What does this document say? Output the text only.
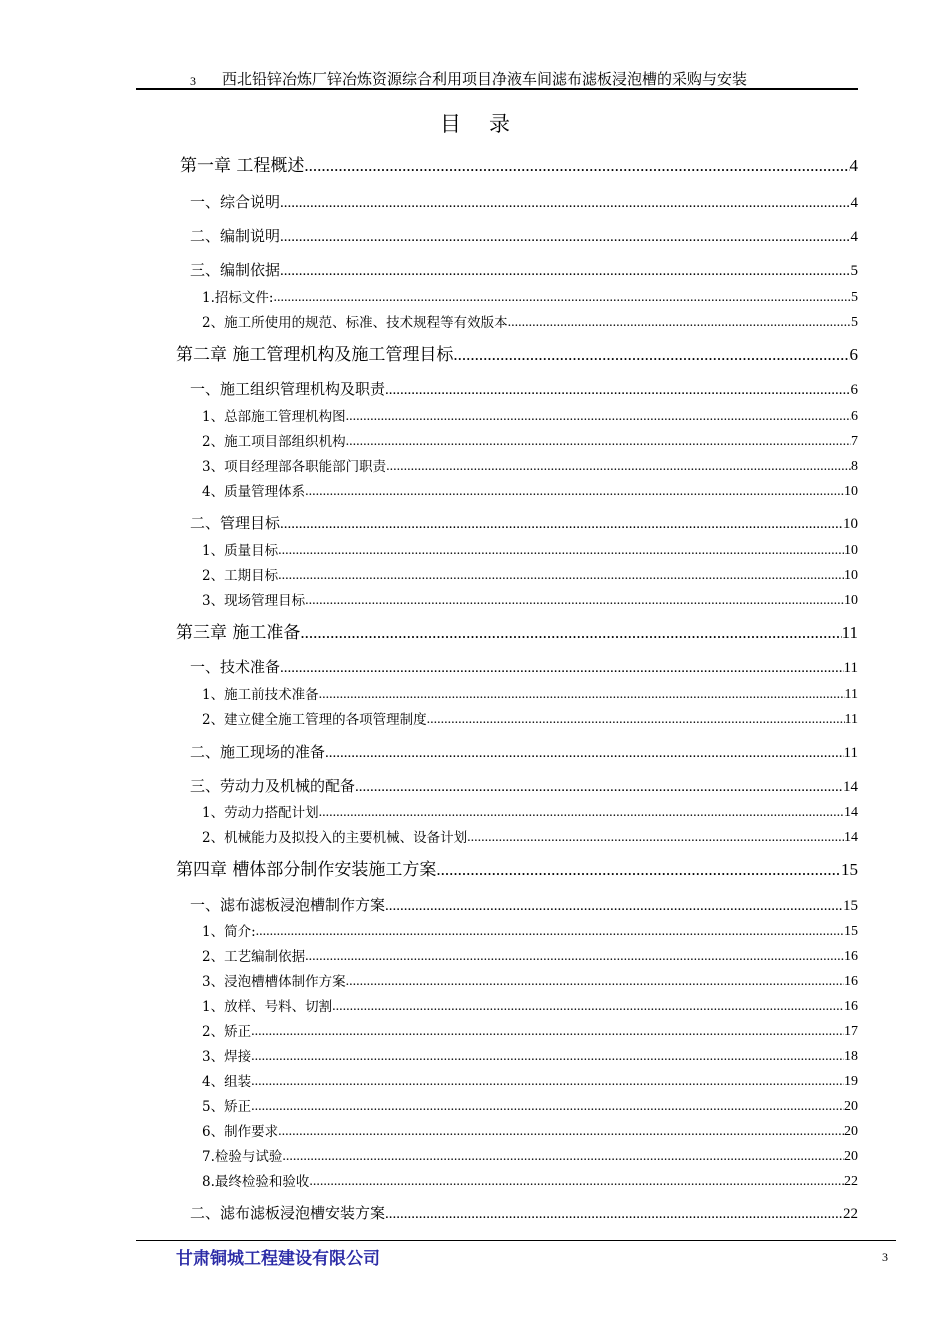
3 西北铅锌冶炼厂锌冶炼资源综合利用项目净液车间滤布滤板浸泡槽的采购与安装
目录
第一章 工程概述 .....	4
一、综合说明 .....	4
二、编制说明 .....	4
三、编制依据 .....	5
1.招标文件: .....	5
2、施工所使用的规范、标准、技术规程等有效版本 .....	5
第二章 施工管理机构及施工管理目标 .....	6
一、施工组织管理机构及职责 .....	6
1、总部施工管理机构图 .....	6
2、施工项目部组织机构 .....	7
3、项目经理部各职能部门职责 .....	8
4、质量管理体系 .....	10
二、管理目标 .....	10
1、质量目标 .....	10
2、工期目标 .....	10
3、现场管理目标 .....	10
第三章 施工准备 .....	11
一、技术准备 .....	11
1、施工前技术准备 .....	11
2、建立健全施工管理的各项管理制度 .....	11
二、施工现场的准备 .....	11
三、劳动力及机械的配备 .....	14
1、劳动力搭配计划 .....	14
2、机械能力及拟投入的主要机械、设备计划 .....	14
第四章 槽体部分制作安装施工方案 .....	15
一、滤布滤板浸泡槽制作方案 .....	15
1、简介: .....	15
2、工艺编制依据 .....	16
3、浸泡槽槽体制作方案 .....	16
1、放样、号料、切割 .....	16
2、矫正 .....	17
3、焊接 .....	18
4、组装 .....	19
5、矫正 .....	20
6、制作要求 .....	20
7.检验与试验 .....	20
8.最终检验和验收 .....	22
二、滤布滤板浸泡槽安装方案 .....	22
甘肃铜城工程建设有限公司	3
